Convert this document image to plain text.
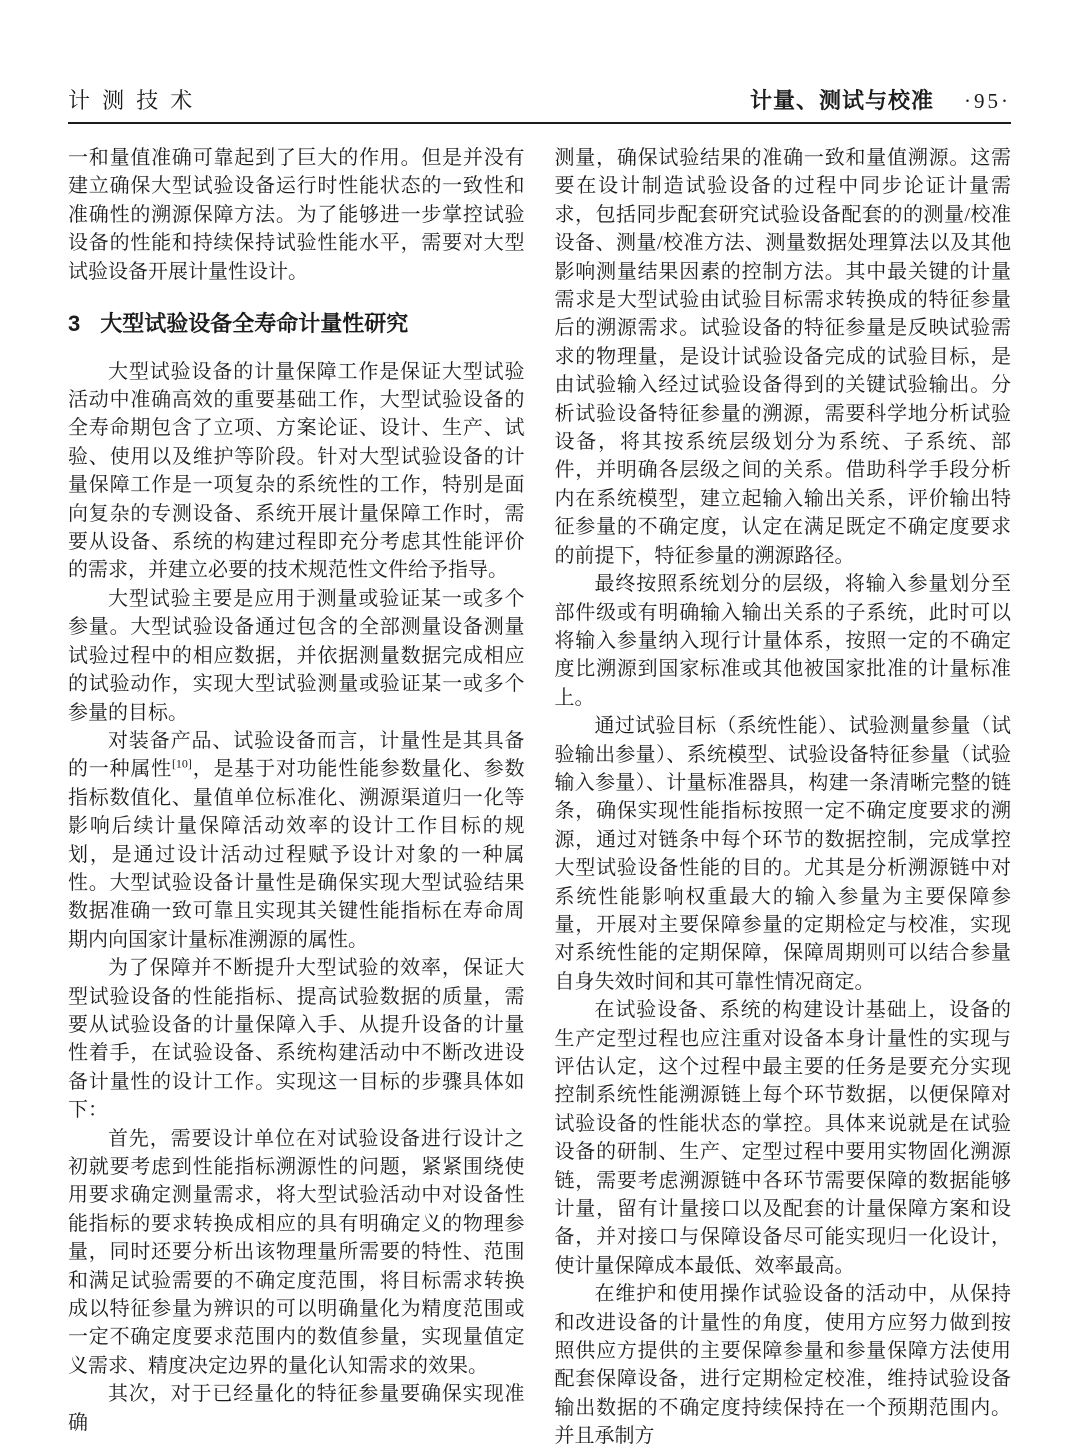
计测技术	计量、测试与校准 ·95·

一和量值准确可靠起到了巨大的作用。但是并没有建立确保大型试验设备运行时性能状态的一致性和准确性的溯源保障方法。为了能够进一步掌控试验设备的性能和持续保持试验性能水平，需要对大型试验设备开展计量性设计。

3 大型试验设备全寿命计量性研究

大型试验设备的计量保障工作是保证大型试验活动中准确高效的重要基础工作，大型试验设备的全寿命期包含了立项、方案论证、设计、生产、试验、使用以及维护等阶段。针对大型试验设备的计量保障工作是一项复杂的系统性的工作，特别是面向复杂的专测设备、系统开展计量保障工作时，需要从设备、系统的构建过程即充分考虑其性能评价的需求，并建立必要的技术规范性文件给予指导。

大型试验主要是应用于测量或验证某一或多个参量。大型试验设备通过包含的全部测量设备测量试验过程中的相应数据，并依据测量数据完成相应的试验动作，实现大型试验测量或验证某一或多个参量的目标。

对装备产品、试验设备而言，计量性是其具备的一种属性[10]，是基于对功能性能参数量化、参数指标数值化、量值单位标准化、溯源渠道归一化等影响后续计量保障活动效率的设计工作目标的规划，是通过设计活动过程赋予设计对象的一种属性。大型试验设备计量性是确保实现大型试验结果数据准确一致可靠且实现其关键性能指标在寿命周期内向国家计量标准溯源的属性。

为了保障并不断提升大型试验的效率，保证大型试验设备的性能指标、提高试验数据的质量，需要从试验设备的计量保障入手、从提升设备的计量性着手，在试验设备、系统构建活动中不断改进设备计量性的设计工作。实现这一目标的步骤具体如下：

首先，需要设计单位在对试验设备进行设计之初就要考虑到性能指标溯源性的问题，紧紧围绕使用要求确定测量需求，将大型试验活动中对设备性能指标的要求转换成相应的具有明确定义的物理参量，同时还要分析出该物理量所需要的特性、范围和满足试验需要的不确定度范围，将目标需求转换成以特征参量为辨识的可以明确量化为精度范围或一定不确定度要求范围内的数值参量，实现量值定义需求、精度决定边界的量化认知需求的效果。

其次，对于已经量化的特征参量要确保实现准确

测量，确保试验结果的准确一致和量值溯源。这需要在设计制造试验设备的过程中同步论证计量需求，包括同步配套研究试验设备配套的的测量/校准设备、测量/校准方法、测量数据处理算法以及其他影响测量结果因素的控制方法。其中最关键的计量需求是大型试验由试验目标需求转换成的特征参量后的溯源需求。试验设备的特征参量是反映试验需求的物理量，是设计试验设备完成的试验目标，是由试验输入经过试验设备得到的关键试验输出。分析试验设备特征参量的溯源，需要科学地分析试验设备，将其按系统层级划分为系统、子系统、部件，并明确各层级之间的关系。借助科学手段分析内在系统模型，建立起输入输出关系，评价输出特征参量的不确定度，认定在满足既定不确定度要求的前提下，特征参量的溯源路径。

最终按照系统划分的层级，将输入参量划分至部件级或有明确输入输出关系的子系统，此时可以将输入参量纳入现行计量体系，按照一定的不确定度比溯源到国家标准或其他被国家批准的计量标准上。

通过试验目标（系统性能）、试验测量参量（试验输出参量）、系统模型、试验设备特征参量（试验输入参量）、计量标准器具，构建一条清晰完整的链条，确保实现性能指标按照一定不确定度要求的溯源，通过对链条中每个环节的数据控制，完成掌控大型试验设备性能的目的。尤其是分析溯源链中对系统性能影响权重最大的输入参量为主要保障参量，开展对主要保障参量的定期检定与校准，实现对系统性能的定期保障，保障周期则可以结合参量自身失效时间和其可靠性情况商定。

在试验设备、系统的构建设计基础上，设备的生产定型过程也应注重对设备本身计量性的实现与评估认定，这个过程中最主要的任务是要充分实现控制系统性能溯源链上每个环节数据，以便保障对试验设备的性能状态的掌控。具体来说就是在试验设备的研制、生产、定型过程中要用实物固化溯源链，需要考虑溯源链中各环节需要保障的数据能够计量，留有计量接口以及配套的计量保障方案和设备，并对接口与保障设备尽可能实现归一化设计，使计量保障成本最低、效率最高。

在维护和使用操作试验设备的活动中，从保持和改进设备的计量性的角度，使用方应努力做到按照供应方提供的主要保障参量和参量保障方法使用配套保障设备，进行定期检定校准，维持试验设备输出数据的不确定度持续保持在一个预期范围内。并且承制方
